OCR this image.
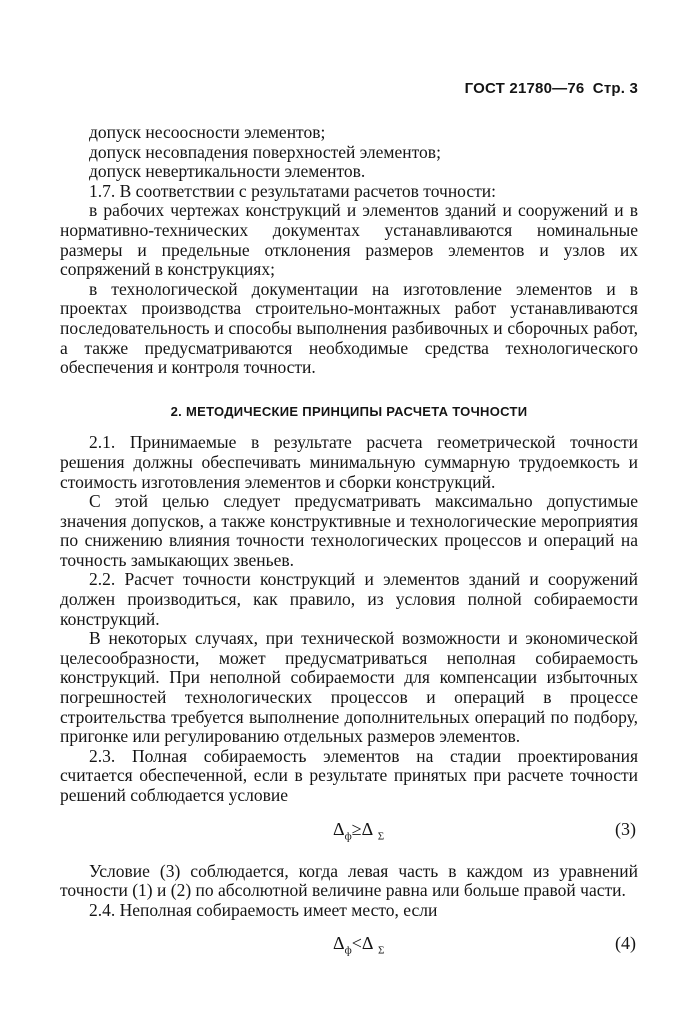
ГОСТ 21780—76 Стр. 3

допуск несоосности элементов;

допуск несовпадения поверхностей элементов;

допуск невертикальности элементов.

1.7. В соответствии с результатами расчетов точности:

в рабочих чертежах конструкций и элементов зданий и сооружений и в нормативно-технических документах устанавливаются номинальные размеры и предельные отклонения размеров элементов и узлов их сопряжений в конструкциях;

в технологической документации на изготовление элементов и в проектах производства строительно-монтажных работ устанавливаются последовательность и способы выполнения разбивочных и сборочных работ, а также предусматриваются необходимые средства технологического обеспечения и контроля точности.

2. МЕТОДИЧЕСКИЕ ПРИНЦИПЫ РАСЧЕТА ТОЧНОСТИ

2.1. Принимаемые в результате расчета геометрической точности решения должны обеспечивать минимальную суммарную трудоемкость и стоимость изготовления элементов и сборки конструкций.

С этой целью следует предусматривать максимально допустимые значения допусков, а также конструктивные и технологические мероприятия по снижению влияния точности технологических процессов и операций на точность замыкающих звеньев.

2.2. Расчет точности конструкций и элементов зданий и сооружений должен производиться, как правило, из условия полной собираемости конструкций.

В некоторых случаях, при технической возможности и экономической целесообразности, может предусматриваться неполная собираемость конструкций. При неполной собираемости для компенсации избыточных погрешностей технологических процессов и операций в процессе строительства требуется выполнение дополнительных операций по подбору, пригонке или регулированию отдельных размеров элементов.

2.3. Полная собираемость элементов на стадии проектирования считается обеспеченной, если в результате принятых при расчете точности решений соблюдается условие

$\Delta_ф\ge\Delta$ $_\Sigma$	(3)

Условие (3) соблюдается, когда левая часть в каждом из уравнений точности (1) и (2) по абсолютной величине равна или больше правой части.

2.4. Неполная собираемость имеет место, если

$\Delta_ф<\Delta$ $_\Sigma$	(4)
